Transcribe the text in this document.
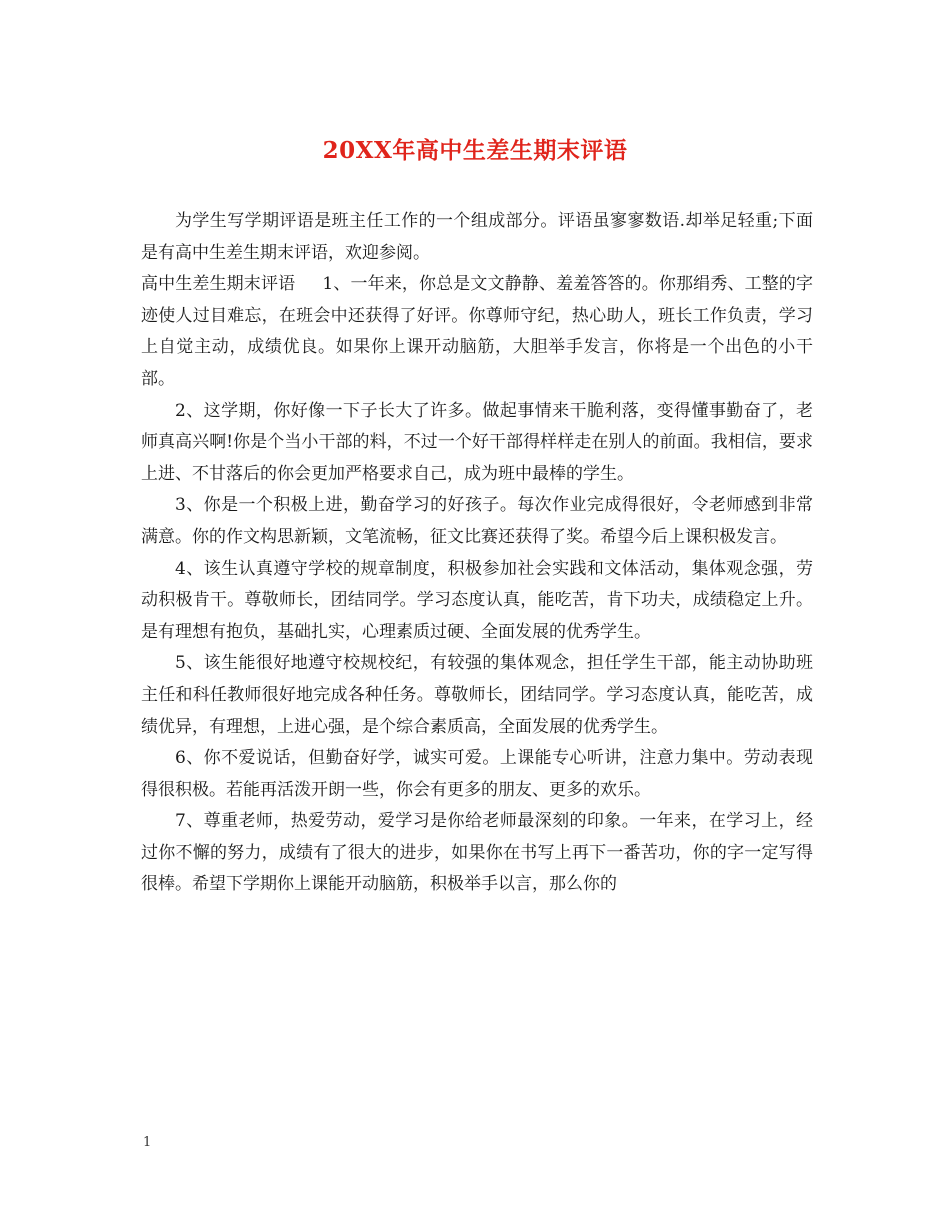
20XX年高中生差生期末评语

为学生写学期评语是班主任工作的一个组成部分。评语虽寥寥数语.却举足轻重;下面是有高中生差生期末评语，欢迎参阅。

高中生差生期末评语 1、一年来，你总是文文静静、羞羞答答的。你那绢秀、工整的字迹使人过目难忘，在班会中还获得了好评。你尊师守纪，热心助人，班长工作负责，学习上自觉主动，成绩优良。如果你上课开动脑筋，大胆举手发言，你将是一个出色的小干部。

2、这学期，你好像一下子长大了许多。做起事情来干脆利落，变得懂事勤奋了，老师真高兴啊!你是个当小干部的料，不过一个好干部得样样走在别人的前面。我相信，要求上进、不甘落后的你会更加严格要求自己，成为班中最棒的学生。

3、你是一个积极上进，勤奋学习的好孩子。每次作业完成得很好，令老师感到非常满意。你的作文构思新颖，文笔流畅，征文比赛还获得了奖。希望今后上课积极发言。

4、该生认真遵守学校的规章制度，积极参加社会实践和文体活动，集体观念强，劳动积极肯干。尊敬师长，团结同学。学习态度认真，能吃苦，肯下功夫，成绩稳定上升。是有理想有抱负，基础扎实，心理素质过硬、全面发展的优秀学生。

5、该生能很好地遵守校规校纪，有较强的集体观念，担任学生干部，能主动协助班主任和科任教师很好地完成各种任务。尊敬师长，团结同学。学习态度认真，能吃苦，成绩优异，有理想，上进心强，是个综合素质高，全面发展的优秀学生。

6、你不爱说话，但勤奋好学，诚实可爱。上课能专心听讲，注意力集中。劳动表现得很积极。若能再活泼开朗一些，你会有更多的朋友、更多的欢乐。

7、尊重老师，热爱劳动，爱学习是你给老师最深刻的印象。一年来，在学习上，经过你不懈的努力，成绩有了很大的进步，如果你在书写上再下一番苦功，你的字一定写得很棒。希望下学期你上课能开动脑筋，积极举手以言，那么你的

1
